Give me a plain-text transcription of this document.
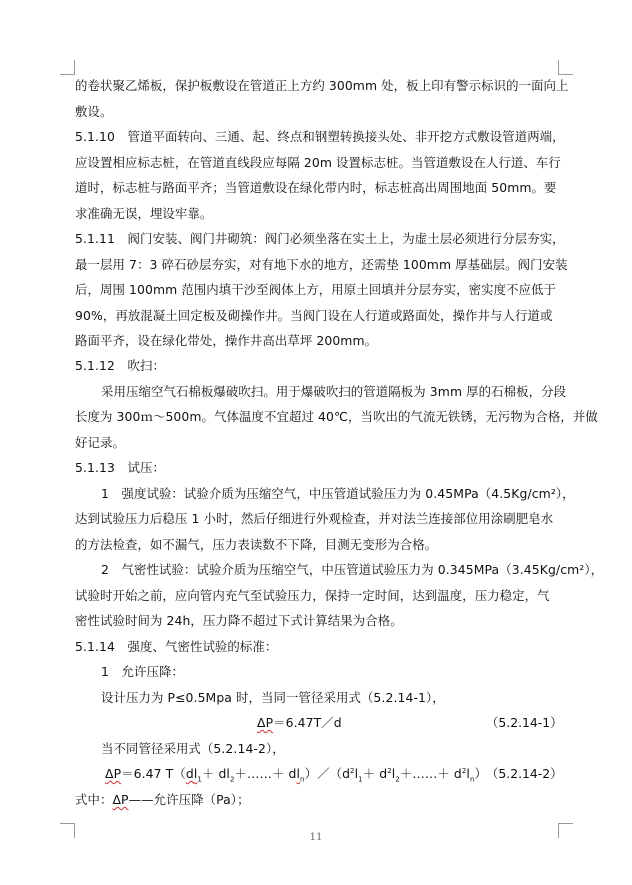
的卷状聚乙烯板，保护板敷设在管道正上方约 300mm 处，板上印有警示标识的一面向上
敷设。
5.1.10　管道平面转向、三通、起、终点和钢塑转换接头处、非开挖方式敷设管道两端，
应设置相应标志桩，在管道直线段应每隔 20m 设置标志桩。当管道敷设在人行道、车行
道时，标志桩与路面平齐；当管道敷设在绿化带内时，标志桩高出周围地面 50mm。要
求准确无误，埋设牢靠。
5.1.11　阀门安装、阀门井砌筑：阀门必须坐落在实土上，为虚土层必须进行分层夯实，
最一层用 7：3 碎石砂层夯实，对有地下水的地方，还需垫 100mm 厚基础层。阀门安装
后，周围 100mm 范围内填干沙至阀体上方，用原土回填并分层夯实，密实度不应低于
90%，再放混凝土回定板及砌操作井。当阀门设在人行道或路面处，操作井与人行道或
路面平齐，设在绿化带处，操作井高出草坪 200mm。
5.1.12　吹扫：
采用压缩空气石棉板爆破吹扫。用于爆破吹扫的管道隔板为 3mm 厚的石棉板，分段
长度为 300ｍ～500m。气体温度不宜超过 40℃，当吹出的气流无铁锈，无污物为合格，并做
好记录。
5.1.13　试压：
1　强度试验：试验介质为压缩空气，中压管道试验压力为 0.45MPa（4.5Kg/cm²），
达到试验压力后稳压 1 小时，然后仔细进行外观检查，并对法兰连接部位用涂刷肥皂水
的方法检查，如不漏气，压力表读数不下降，目测无变形为合格。
2　气密性试验：试验介质为压缩空气，中压管道试验压力为 0.345MPa（3.45Kg/cm²），
试验时开始之前，应向管内充气至试验压力，保持一定时间，达到温度，压力稳定，气
密性试验时间为 24h，压力降不超过下式计算结果为合格。
5.1.14　强度、气密性试验的标准：
1　允许压降：
设计压力为 P≤0.5Mpa 时，当同一管径采用式（5.2.14-1），
ΔP＝6.47T／d	（5.2.14-1）
当不同管径采用式（5.2.14-2），
ΔP＝6.47 $T(dl_1+$ $dl_2+\dots\dots+$ $dl_n)/(d^2l_1+$ $d^2l_2+\dots\dots+ d^2l_n$） （5.2.14-2）
式中：ΔP——允许压降（Pa）；
11
